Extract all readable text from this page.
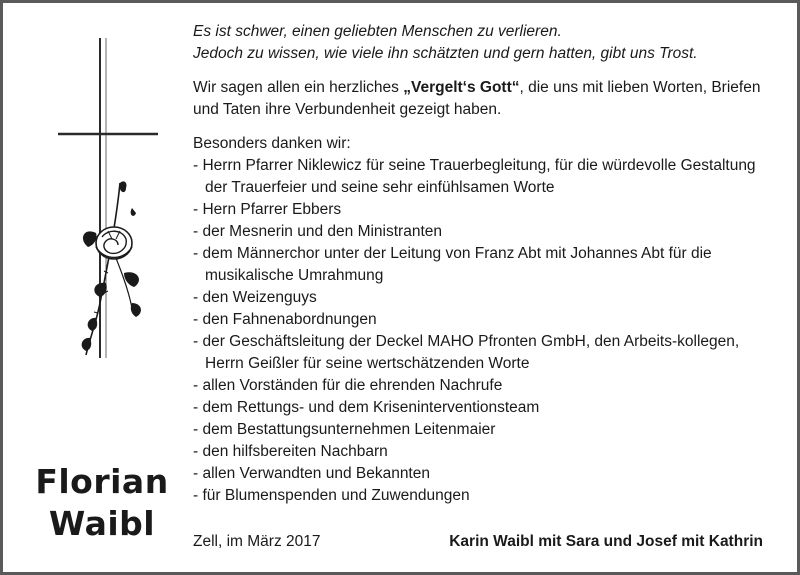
Florian
Waibl
Es ist schwer, einen geliebten Menschen zu verlieren.
Jedoch zu wissen, wie viele ihn schätzten und gern hatten, gibt uns Trost.
Wir sagen allen ein herzliches „Vergelt‘s Gott“, die uns mit lieben Worten, Briefen und Taten ihre Verbundenheit gezeigt haben.
Besonders danken wir:
- Herrn Pfarrer Niklewicz für seine Trauerbegleitung, für die würdevolle Gestaltung der Trauerfeier und seine sehr einfühlsamen Worte
- Hern Pfarrer Ebbers
- der Mesnerin und den Ministranten
- dem Männerchor unter der Leitung von Franz Abt mit Johannes Abt für die musikalische Umrahmung
- den Weizenguys
- den Fahnenabordnungen
- der Geschäftsleitung der Deckel MAHO Pfronten GmbH, den Arbeits-kollegen, Herrn Geißler für seine wertschätzenden Worte
- allen Vorständen für die ehrenden Nachrufe
- dem Rettungs- und dem Kriseninterventionsteam
- dem Bestattungsunternehmen Leitenmaier
- den hilfsbereiten Nachbarn
- allen Verwandten und Bekannten
- für Blumenspenden und Zuwendungen
Zell, im März 2017	Karin Waibl mit Sara und Josef mit Kathrin
